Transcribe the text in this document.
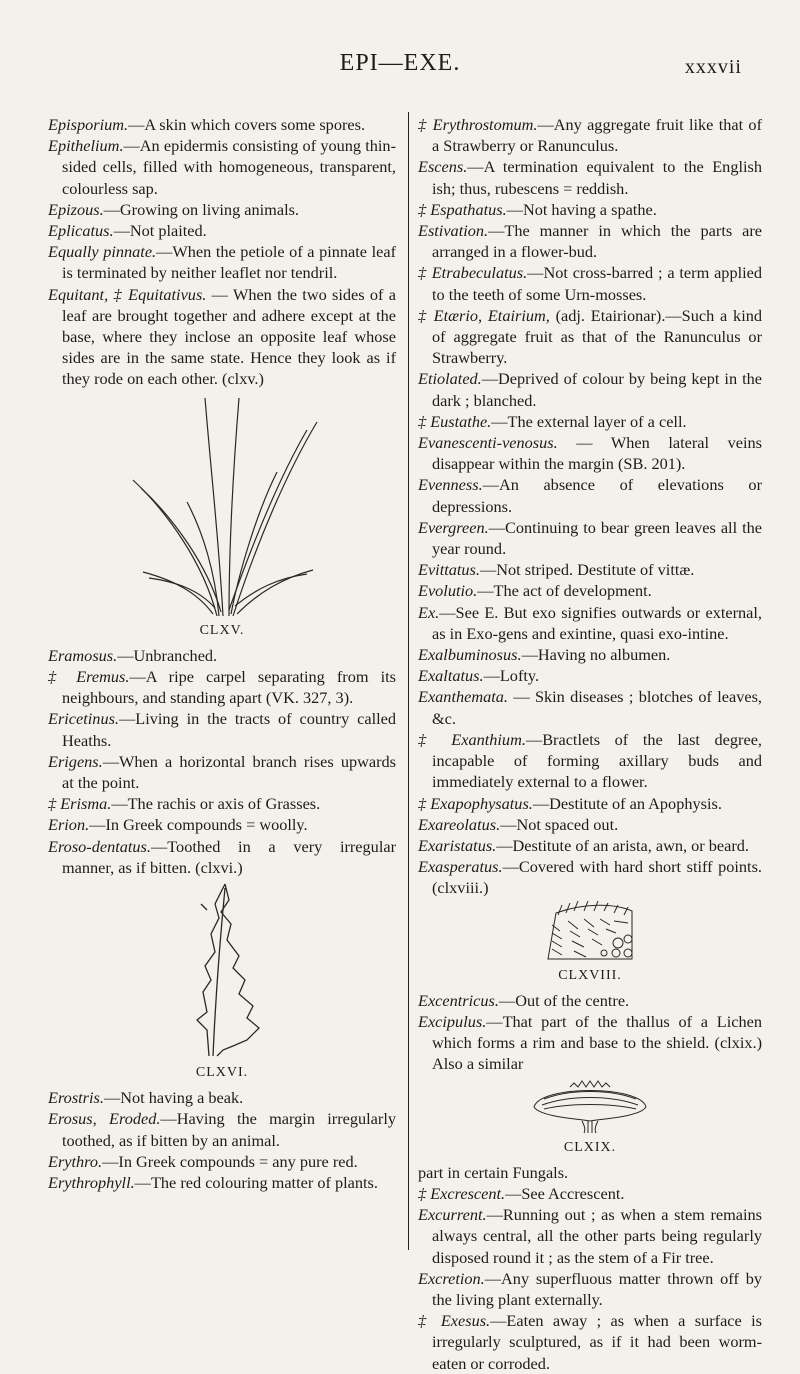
EPI—EXE.	xxxvii

Episporium.—A skin which covers some spores.

Epithelium.—An epidermis consisting of young thin-sided cells, filled with homogeneous, transparent, colourless sap.

Epizous.—Growing on living animals.

Eplicatus.—Not plaited.

Equally pinnate.—When the petiole of a pinnate leaf is terminated by neither leaflet nor tendril.

Equitant, ‡ Equitativus. — When the two sides of a leaf are brought together and adhere except at the base, where they inclose an opposite leaf whose sides are in the same state. Hence they look as if they rode on each other. (clxv.)

CLXV.

Eramosus.—Unbranched.

‡ Eremus.—A ripe carpel separating from its neighbours, and standing apart (VK. 327, 3).

Ericetinus.—Living in the tracts of country called Heaths.

Erigens.—When a horizontal branch rises upwards at the point.

‡ Erisma.—The rachis or axis of Grasses.

Erion.—In Greek compounds = woolly.

Eroso-dentatus.—Toothed in a very irregular manner, as if bitten. (clxvi.)

CLXVI.

Erostris.—Not having a beak.

Erosus, Eroded.—Having the margin irregularly toothed, as if bitten by an animal.

Erythro.—In Greek compounds = any pure red.

Erythrophyll.—The red colouring matter of plants.

‡ Erythrostomum.—Any aggregate fruit like that of a Strawberry or Ranunculus.

Escens.—A termination equivalent to the English ish; thus, rubescens = reddish.

‡ Espathatus.—Not having a spathe.

Estivation.—The manner in which the parts are arranged in a flower-bud.

‡ Etrabeculatus.—Not cross-barred ; a term applied to the teeth of some Urn-mosses.

‡ Etærio, Etairium, (adj. Etairionar).—Such a kind of aggregate fruit as that of the Ranunculus or Strawberry.

Etiolated.—Deprived of colour by being kept in the dark ; blanched.

‡ Eustathe.—The external layer of a cell.

Evanescenti-venosus. — When lateral veins disappear within the margin (SB. 201).

Evenness.—An absence of elevations or depressions.

Evergreen.—Continuing to bear green leaves all the year round.

Evittatus.—Not striped. Destitute of vittæ.

Evolutio.—The act of development.

Ex.—See E. But exo signifies outwards or external, as in Exo-gens and exintine, quasi exo-intine.

Exalbuminosus.—Having no albumen.

Exaltatus.—Lofty.

Exanthemata. — Skin diseases ; blotches of leaves, &c.

‡ Exanthium.—Bractlets of the last degree, incapable of forming axillary buds and immediately external to a flower.

‡ Exapophysatus.—Destitute of an Apophysis.

Exareolatus.—Not spaced out.

Exaristatus.—Destitute of an arista, awn, or beard.

Exasperatus.—Covered with hard short stiff points. (clxviii.)

CLXVIII.

Excentricus.—Out of the centre.

Excipulus.—That part of the thallus of a Lichen which forms a rim and base to the shield. (clxix.) Also a similar

CLXIX.

part in certain Fungals.

‡ Excrescent.—See Accrescent.

Excurrent.—Running out ; as when a stem remains always central, all the other parts being regularly disposed round it ; as the stem of a Fir tree.

Excretion.—Any superfluous matter thrown off by the living plant externally.

‡ Exesus.—Eaten away ; as when a surface is irregularly sculptured, as if it had been worm-eaten or corroded.
